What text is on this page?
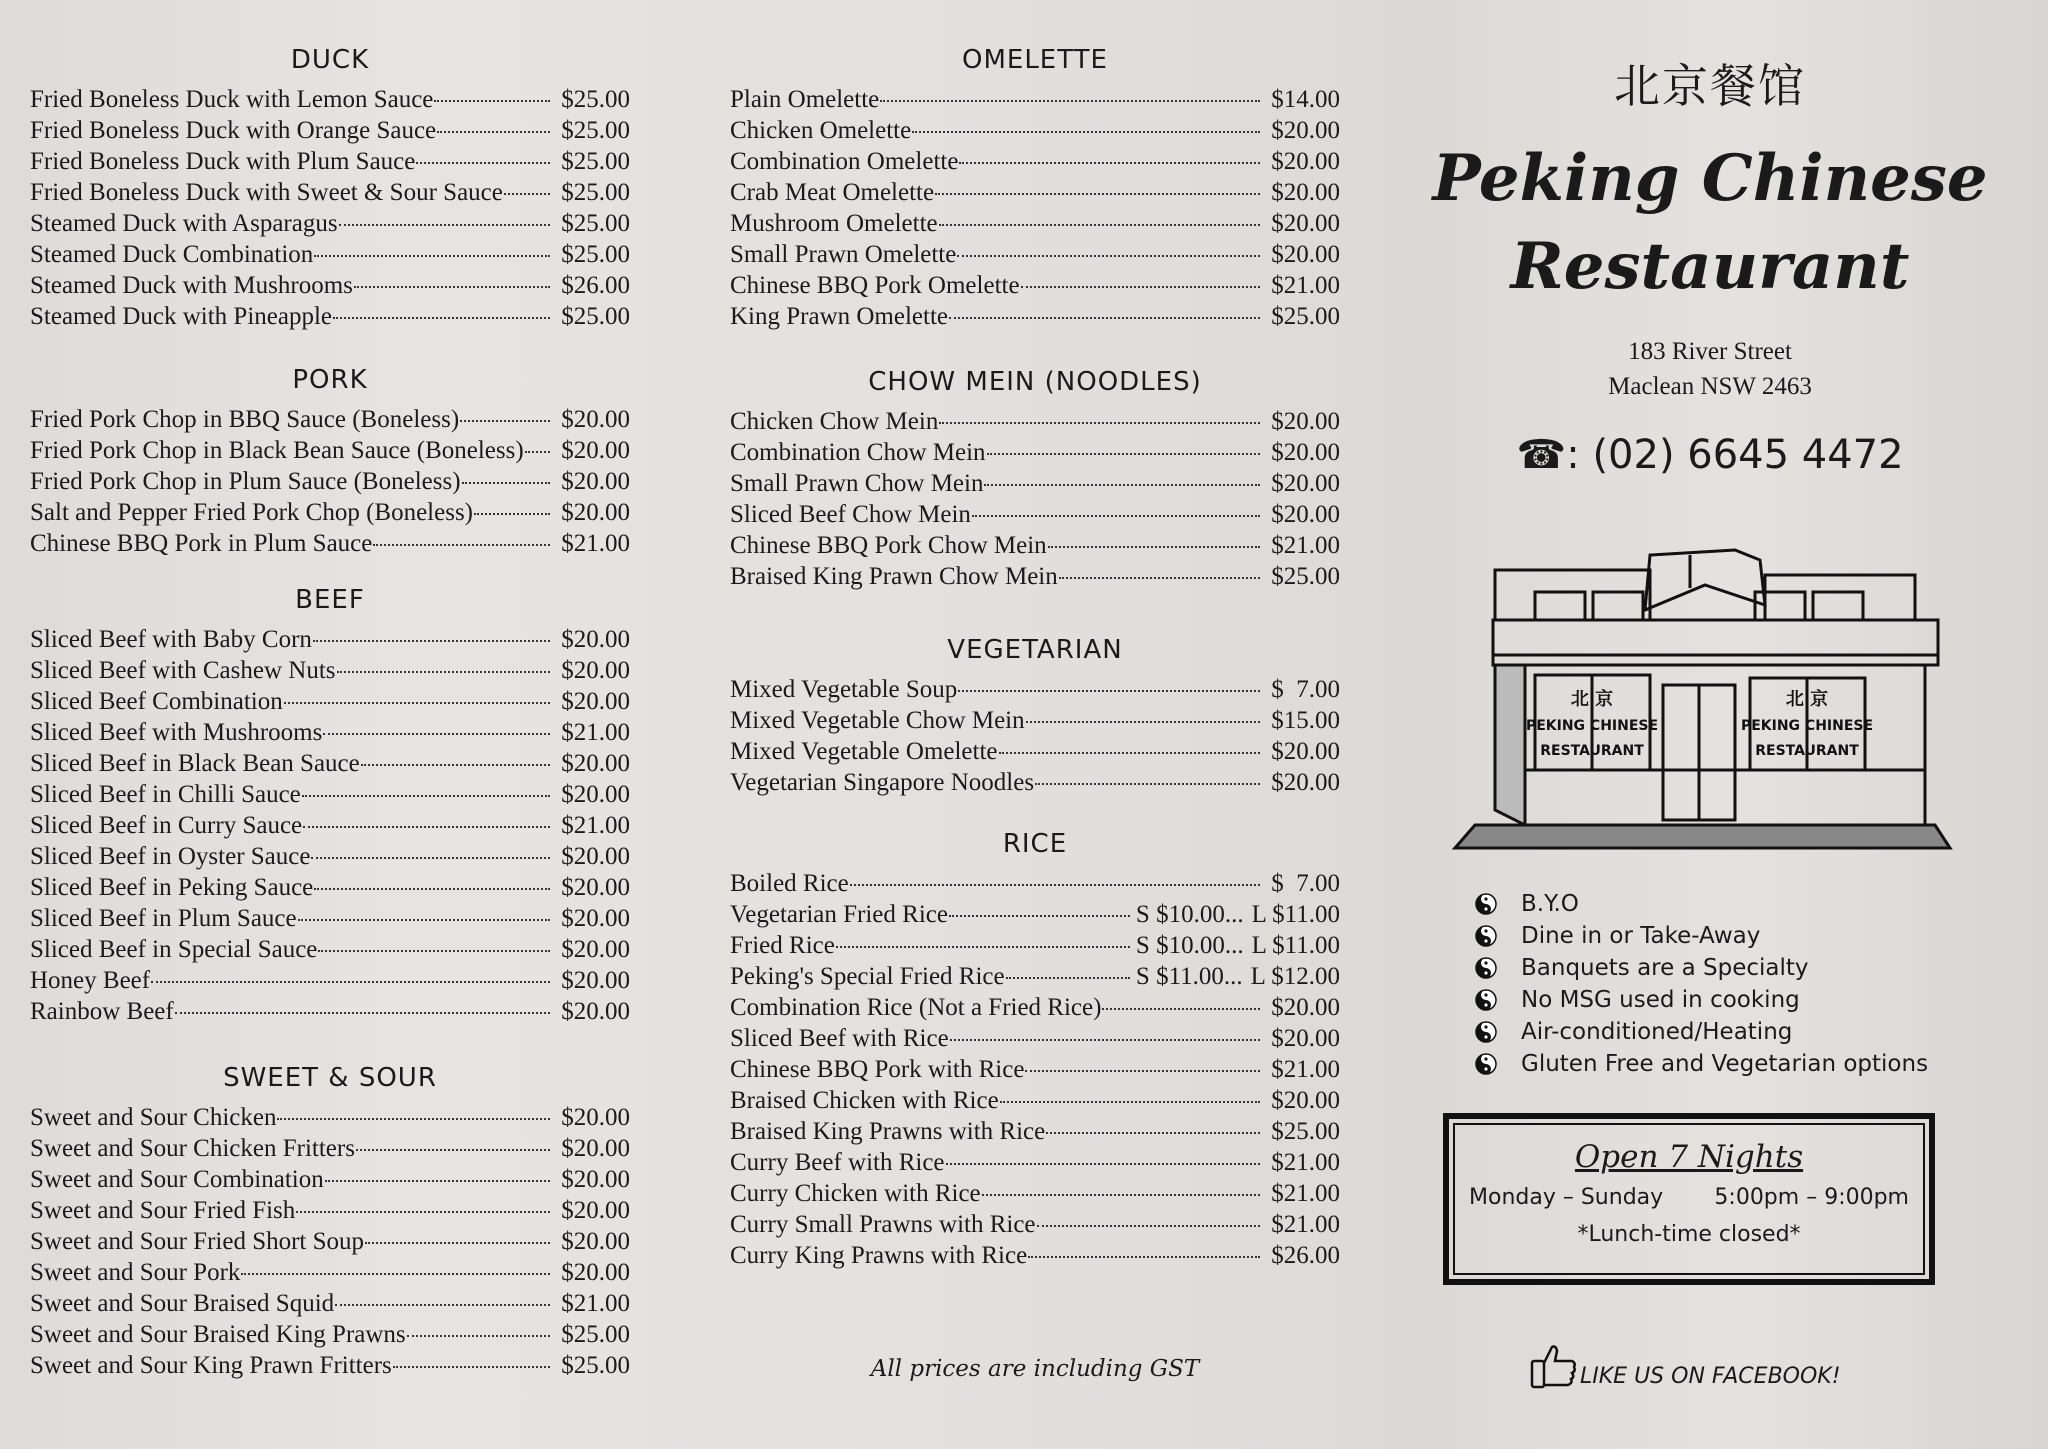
DUCK
Fried Boneless Duck with Lemon Sauce	$25.00
Fried Boneless Duck with Orange Sauce	$25.00
Fried Boneless Duck with Plum Sauce	$25.00
Fried Boneless Duck with Sweet & Sour Sauce $25.00
Steamed Duck with Asparagus	$25.00
Steamed Duck Combination	$25.00
Steamed Duck with Mushrooms	$26.00
Steamed Duck with Pineapple	$25.00
PORK
Fried Pork Chop in BBQ Sauce (Boneless)	$20.00
Fried Pork Chop in Black Bean Sauce (Boneless) $20.00
Fried Pork Chop in Plum Sauce (Boneless)	$20.00
Salt and Pepper Fried Pork Chop (Boneless)	$20.00
Chinese BBQ Pork in Plum Sauce	$21.00
BEEF
Sliced Beef with Baby Corn	$20.00
Sliced Beef with Cashew Nuts	$20.00
Sliced Beef Combination	$20.00
Sliced Beef with Mushrooms	$21.00
Sliced Beef in Black Bean Sauce	$20.00
Sliced Beef in Chilli Sauce	$20.00
Sliced Beef in Curry Sauce	$21.00
Sliced Beef in Oyster Sauce	$20.00
Sliced Beef in Peking Sauce	$20.00
Sliced Beef in Plum Sauce	$20.00
Sliced Beef in Special Sauce	$20.00
Honey Beef	$20.00
Rainbow Beef	$20.00
SWEET & SOUR
Sweet and Sour Chicken	$20.00
Sweet and Sour Chicken Fritters	$20.00
Sweet and Sour Combination	$20.00
Sweet and Sour Fried Fish	$20.00
Sweet and Sour Fried Short Soup	$20.00
Sweet and Sour Pork	$20.00
Sweet and Sour Braised Squid	$21.00
Sweet and Sour Braised King Prawns	$25.00
Sweet and Sour King Prawn Fritters	$25.00
OMELETTE
Plain Omelette	$14.00
Chicken Omelette	$20.00
Combination Omelette	$20.00
Crab Meat Omelette	$20.00
Mushroom Omelette	$20.00
Small Prawn Omelette	$20.00
Chinese BBQ Pork Omelette	$21.00
King Prawn Omelette	$25.00
CHOW MEIN (NOODLES)
Chicken Chow Mein	$20.00
Combination Chow Mein	$20.00
Small Prawn Chow Mein	$20.00
Sliced Beef Chow Mein	$20.00
Chinese BBQ Pork Chow Mein	$21.00
Braised King Prawn Chow Mein	$25.00
VEGETARIAN
Mixed Vegetable Soup	$  7.00
Mixed Vegetable Chow Mein	$15.00
Mixed Vegetable Omelette	$20.00
Vegetarian Singapore Noodles	$20.00
RICE
Boiled Rice	$  7.00
Vegetarian Fried Rice	S $10.00... L $11.00
Fried Rice	S $10.00... L $11.00
Peking's Special Fried Rice	S $11.00... L $12.00
Combination Rice (Not a Fried Rice)	$20.00
Sliced Beef with Rice	$20.00
Chinese BBQ Pork with Rice	$21.00
Braised Chicken with Rice	$20.00
Braised King Prawns with Rice	$25.00
Curry Beef with Rice	$21.00
Curry Chicken with Rice	$21.00
Curry Small Prawns with Rice	$21.00
Curry King Prawns with Rice	$26.00
All prices are including GST
北京餐馆
Peking Chinese
Restaurant
183 River Street
Maclean NSW 2463
☎: (02) 6645 4472
北 京
PEKING CHINESE
RESTAURANT
北 京
PEKING CHINESE
RESTAURANT
B.Y.O
Dine in or Take-Away
Banquets are a Specialty
No MSG used in cooking
Air-conditioned/Heating
Gluten Free and Vegetarian options
Open 7 Nights
Monday – Sunday 5:00pm – 9:00pm
*Lunch-time closed*
LIKE US ON FACEBOOK!
